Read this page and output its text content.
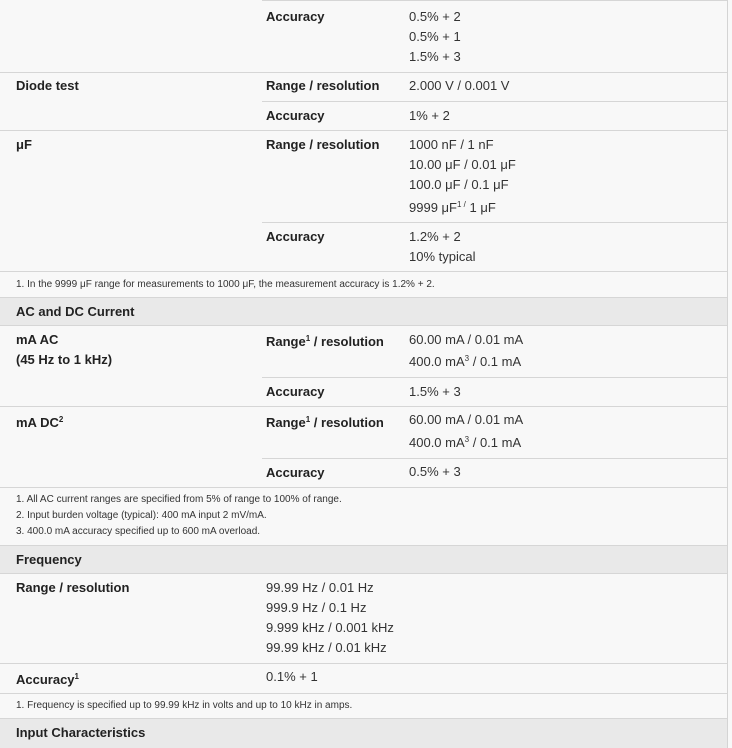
Accuracy	0.5% + 2
0.5% + 1
1.5% + 3
Diode test	Range / resolution 2.000 V / 0.001 V
Accuracy	1% + 2
μF	Range / resolution 1000 nF / 1 nF
10.00 μF / 0.01 μF
100.0 μF / 0.1 μF
9999 $\mu F^{1 /}$ 1 μF
Accuracy	1.2% + 2
10% typical
1. In the 9999 μF range for measurements to 1000 μF, the measurement accuracy is 1.2% + 2.
AC and DC Current
mA AC
(45 Hz to 1 kHz)
Range$^1$ / resolution 60.00 mA / 0.01 mA
400.0 $mA^3 / 0.1$ mA
Accuracy	1.5% + 3
mA $DC^2$	Range$^1$ / resolution 60.00 mA / 0.01 mA
400.0 $mA^3 / 0.1$ mA
Accuracy	0.5% + 3
1. All AC current ranges are specified from 5% of range to 100% of range.
2. Input burden voltage (typical): 400 mA input 2 mV/mA.
3. 400.0 mA accuracy specified up to 600 mA overload.
Frequency
Range / resolution	99.99 Hz / 0.01 Hz
999.9 Hz / 0.1 Hz
9.999 kHz / 0.001 kHz
99.99 kHz / 0.01 kHz
Accuracy$^1$	0.1% + 1
1. Frequency is specified up to 99.99 kHz in volts and up to 10 kHz in amps.
Input Characteristics
